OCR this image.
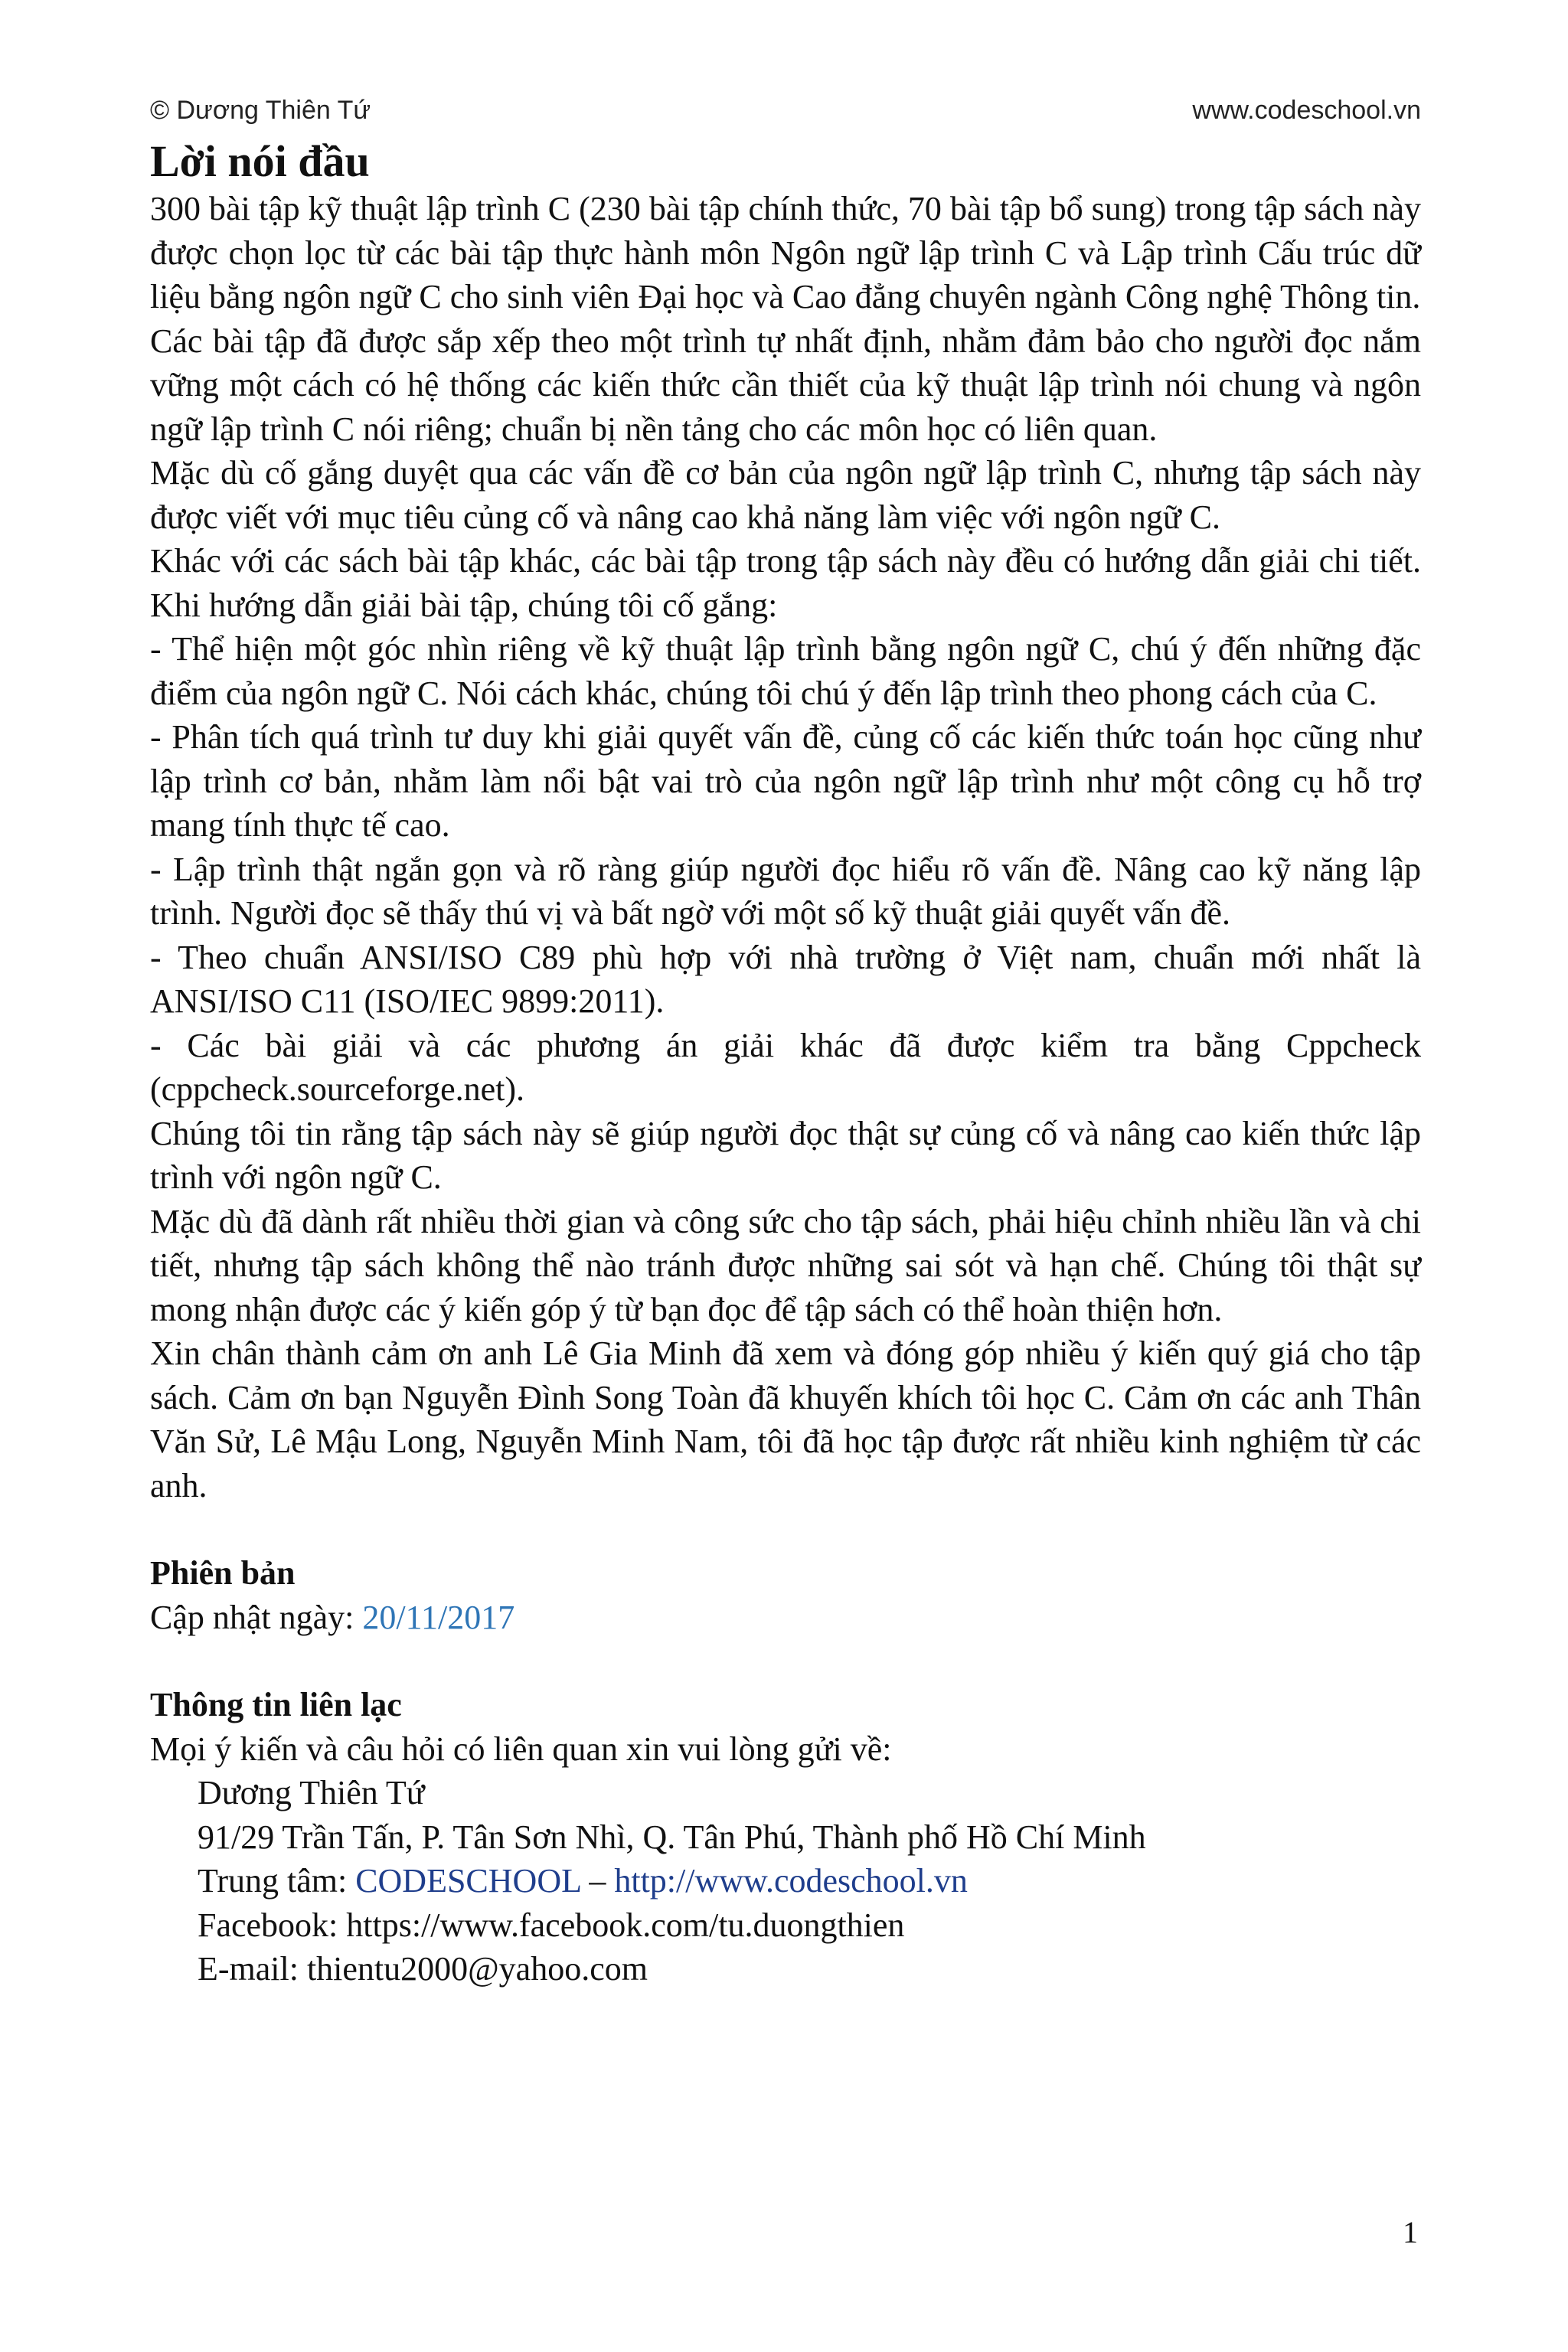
© Dương Thiên Tứ	www.codeschool.vn
Lời nói đầu

300 bài tập kỹ thuật lập trình C (230 bài tập chính thức, 70 bài tập bổ sung) trong tập sách này được chọn lọc từ các bài tập thực hành môn Ngôn ngữ lập trình C và Lập trình Cấu trúc dữ liệu bằng ngôn ngữ C cho sinh viên Đại học và Cao đẳng chuyên ngành Công nghệ Thông tin.

Các bài tập đã được sắp xếp theo một trình tự nhất định, nhằm đảm bảo cho người đọc nắm vững một cách có hệ thống các kiến thức cần thiết của kỹ thuật lập trình nói chung và ngôn ngữ lập trình C nói riêng; chuẩn bị nền tảng cho các môn học có liên quan.

Mặc dù cố gắng duyệt qua các vấn đề cơ bản của ngôn ngữ lập trình C, nhưng tập sách này được viết với mục tiêu củng cố và nâng cao khả năng làm việc với ngôn ngữ C.

Khác với các sách bài tập khác, các bài tập trong tập sách này đều có hướng dẫn giải chi tiết. Khi hướng dẫn giải bài tập, chúng tôi cố gắng:

- Thể hiện một góc nhìn riêng về kỹ thuật lập trình bằng ngôn ngữ C, chú ý đến những đặc điểm của ngôn ngữ C. Nói cách khác, chúng tôi chú ý đến lập trình theo phong cách của C.

- Phân tích quá trình tư duy khi giải quyết vấn đề, củng cố các kiến thức toán học cũng như lập trình cơ bản, nhằm làm nổi bật vai trò của ngôn ngữ lập trình như một công cụ hỗ trợ mang tính thực tế cao.

- Lập trình thật ngắn gọn và rõ ràng giúp người đọc hiểu rõ vấn đề. Nâng cao kỹ năng lập trình. Người đọc sẽ thấy thú vị và bất ngờ với một số kỹ thuật giải quyết vấn đề.

- Theo chuẩn ANSI/ISO C89 phù hợp với nhà trường ở Việt nam, chuẩn mới nhất là ANSI/ISO C11 (ISO/IEC 9899:2011).

- Các bài giải và các phương án giải khác đã được kiểm tra bằng Cppcheck (cppcheck.sourceforge.net).

Chúng tôi tin rằng tập sách này sẽ giúp người đọc thật sự củng cố và nâng cao kiến thức lập trình với ngôn ngữ C.

Mặc dù đã dành rất nhiều thời gian và công sức cho tập sách, phải hiệu chỉnh nhiều lần và chi tiết, nhưng tập sách không thể nào tránh được những sai sót và hạn chế. Chúng tôi thật sự mong nhận được các ý kiến góp ý từ bạn đọc để tập sách có thể hoàn thiện hơn.

Xin chân thành cảm ơn anh Lê Gia Minh đã xem và đóng góp nhiều ý kiến quý giá cho tập sách. Cảm ơn bạn Nguyễn Đình Song Toàn đã khuyến khích tôi học C. Cảm ơn các anh Thân Văn Sử, Lê Mậu Long, Nguyễn Minh Nam, tôi đã học tập được rất nhiều kinh nghiệm từ các anh.

Phiên bản

Cập nhật ngày: 20/11/2017

Thông tin liên lạc

Mọi ý kiến và câu hỏi có liên quan xin vui lòng gửi về:

Dương Thiên Tứ

91/29 Trần Tấn, P. Tân Sơn Nhì, Q. Tân Phú, Thành phố Hồ Chí Minh

Trung tâm: CODESCHOOL – http://www.codeschool.vn

Facebook: https://www.facebook.com/tu.duongthien

E-mail: thientu2000@yahoo.com

1
